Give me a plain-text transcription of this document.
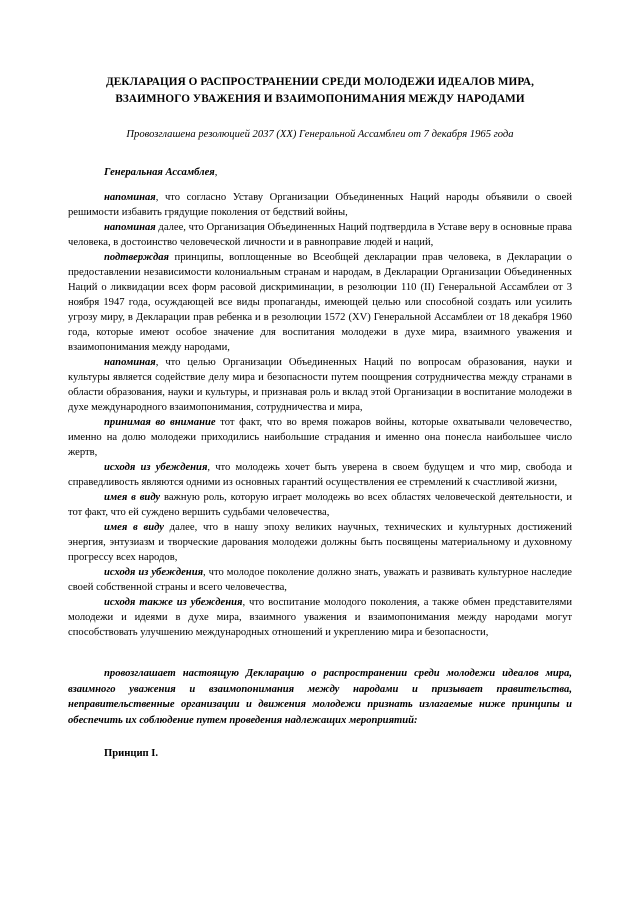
ДЕКЛАРАЦИЯ О РАСПРОСТРАНЕНИИ СРЕДИ МОЛОДЕЖИ ИДЕАЛОВ МИРА,
ВЗАИМНОГО УВАЖЕНИЯ И ВЗАИМОПОНИМАНИЯ МЕЖДУ НАРОДАМИ

Провозглашена резолюцией 2037 (XX) Генеральной Ассамблеи от 7 декабря 1965 года

Генеральная Ассамблея,

напоминая, что согласно Уставу Организации Объединенных Наций народы объявили о своей решимости избавить грядущие поколения от бедствий войны,

напоминая далее, что Организация Объединенных Наций подтвердила в Уставе веру в основные права человека, в достоинство человеческой личности и в равноправие людей и наций,

подтверждая принципы, воплощенные во Всеобщей декларации прав человека, в Декларации о предоставлении независимости колониальным странам и народам, в Декларации Организации Объединенных Наций о ликвидации всех форм расовой дискриминации, в резолюции 110 (II) Генеральной Ассамблеи от 3 ноября 1947 года, осуждающей все виды пропаганды, имеющей целью или способной создать или усилить угрозу миру, в Декларации прав ребенка и в резолюции 1572 (XV) Генеральной Ассамблеи от 18 декабря 1960 года, которые имеют особое значение для воспитания молодежи в духе мира, взаимного уважения и взаимопонимания между народами,

напоминая, что целью Организации Объединенных Наций по вопросам образования, науки и культуры является содействие делу мира и безопасности путем поощрения сотрудничества между странами в области образования, науки и культуры, и признавая роль и вклад этой Организации в воспитание молодежи в духе международного взаимопонимания, сотрудничества и мира,

принимая во внимание тот факт, что во время пожаров войны, которые охватывали человечество, именно на долю молодежи приходились наибольшие страдания и именно она понесла наибольшее число жертв,

исходя из убеждения, что молодежь хочет быть уверена в своем будущем и что мир, свобода и справедливость являются одними из основных гарантий осуществления ее стремлений к счастливой жизни,

имея в виду важную роль, которую играет молодежь во всех областях человеческой деятельности, и тот факт, что ей суждено вершить судьбами человечества,

имея в виду далее, что в нашу эпоху великих научных, технических и культурных достижений энергия, энтузиазм и творческие дарования молодежи должны быть посвящены материальному и духовному прогрессу всех народов,

исходя из убеждения, что молодое поколение должно знать, уважать и развивать культурное наследие своей собственной страны и всего человечества,

исходя также из убеждения, что воспитание молодого поколения, а также обмен представителями молодежи и идеями в духе мира, взаимного уважения и взаимопонимания между народами могут способствовать улучшению международных отношений и укреплению мира и безопасности,

провозглашает настоящую Декларацию о распространении среди молодежи идеалов мира, взаимного уважения и взаимопонимания между народами и призывает правительства, неправительственные организации и движения молодежи признать излагаемые ниже принципы и обеспечить их соблюдение путем проведения надлежащих мероприятий:

Принцип I.
